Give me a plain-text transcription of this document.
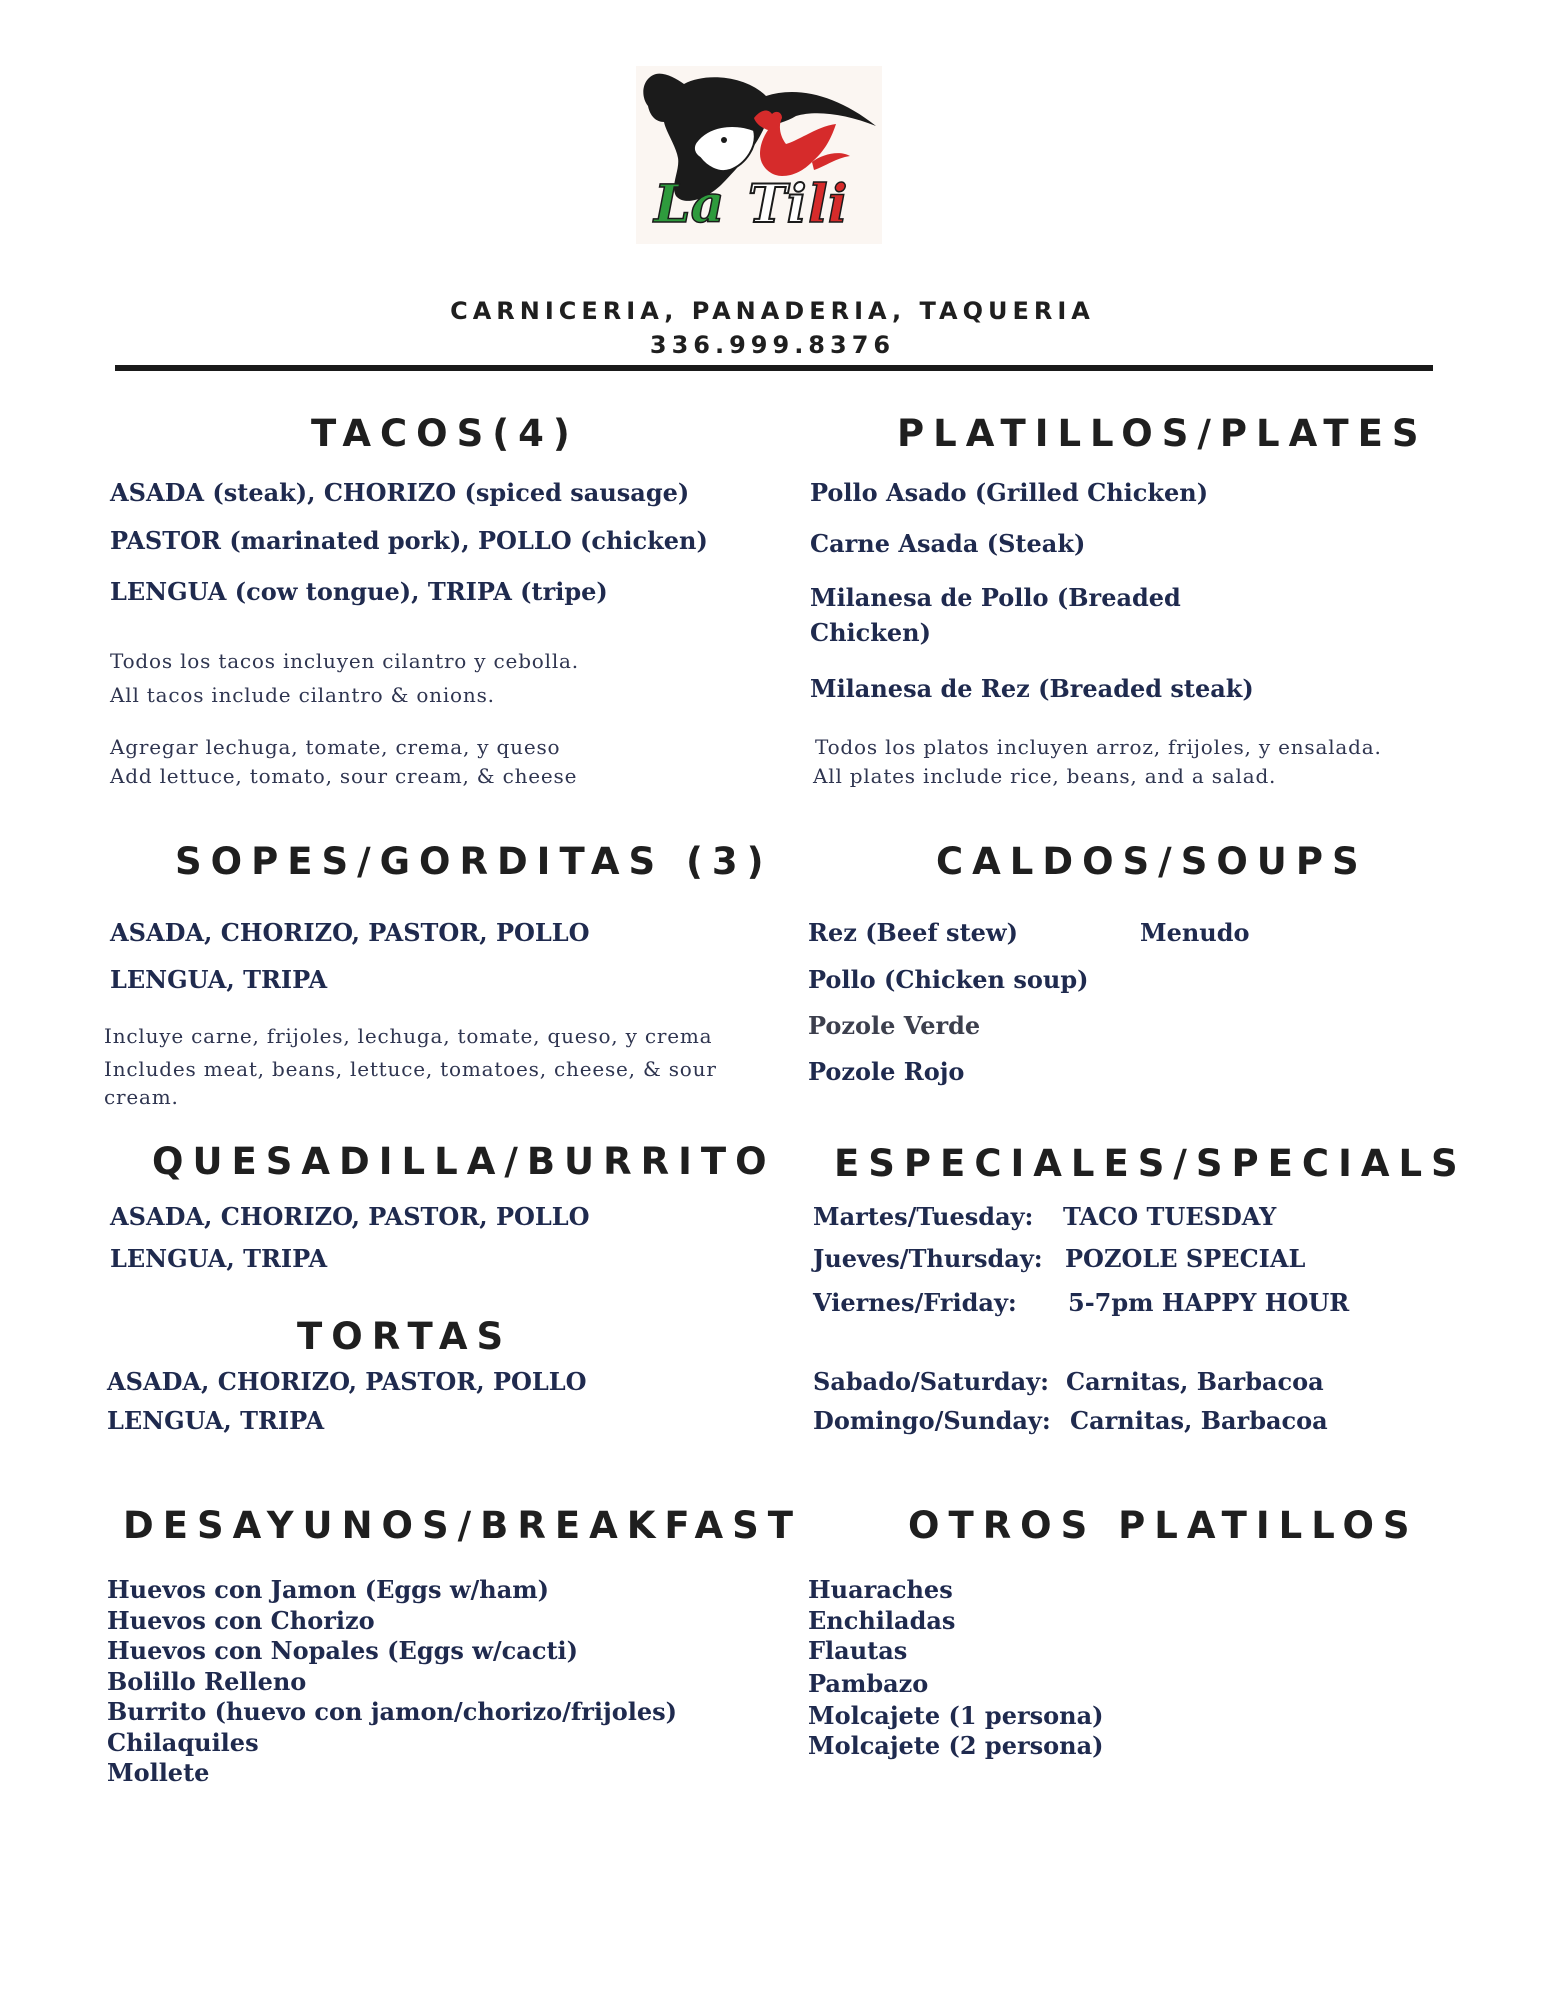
La Ti li
CARNICERIA, PANADERIA, TAQUERIA
336.999.8376
TACOS(4)
ASADA (steak), CHORIZO (spiced sausage)
PASTOR (marinated pork), POLLO (chicken)
LENGUA (cow tongue), TRIPA (tripe)
Todos los tacos incluyen cilantro y cebolla.
All tacos include cilantro & onions.
Agregar lechuga, tomate, crema, y queso
Add lettuce, tomato, sour cream, & cheese
PLATILLOS/PLATES
Pollo Asado (Grilled Chicken)
Carne Asada (Steak)
Milanesa de Pollo (Breaded
Chicken)
Milanesa de Rez (Breaded steak)
Todos los platos incluyen arroz, frijoles, y ensalada.
All plates include rice, beans, and a salad.
SOPES/GORDITAS (3)
ASADA, CHORIZO, PASTOR, POLLO
LENGUA, TRIPA
Incluye carne, frijoles, lechuga, tomate, queso, y crema
Includes meat, beans, lettuce, tomatoes, cheese, & sour
cream.
CALDOS/SOUPS
Rez (Beef stew)	Menudo
Pollo (Chicken soup)
Pozole Verde
Pozole Rojo
QUESADILLA/BURRITO
ASADA, CHORIZO, PASTOR, POLLO
LENGUA, TRIPA
ESPECIALES/SPECIALS
Martes/Tuesday: TACO TUESDAY
Jueves/Thursday: POZOLE SPECIAL
Viernes/Friday: 5-7pm HAPPY HOUR
Sabado/Saturday: Carnitas, Barbacoa
Domingo/Sunday: Carnitas, Barbacoa
TORTAS
ASADA, CHORIZO, PASTOR, POLLO
LENGUA, TRIPA
DESAYUNOS/BREAKFAST
Huevos con Jamon (Eggs w/ham)
Huevos con Chorizo
Huevos con Nopales (Eggs w/cacti)
Bolillo Relleno
Burrito (huevo con jamon/chorizo/frijoles)
Chilaquiles
Mollete
OTROS PLATILLOS
Huaraches
Enchiladas
Flautas
Pambazo
Molcajete (1 persona)
Molcajete (2 persona)
